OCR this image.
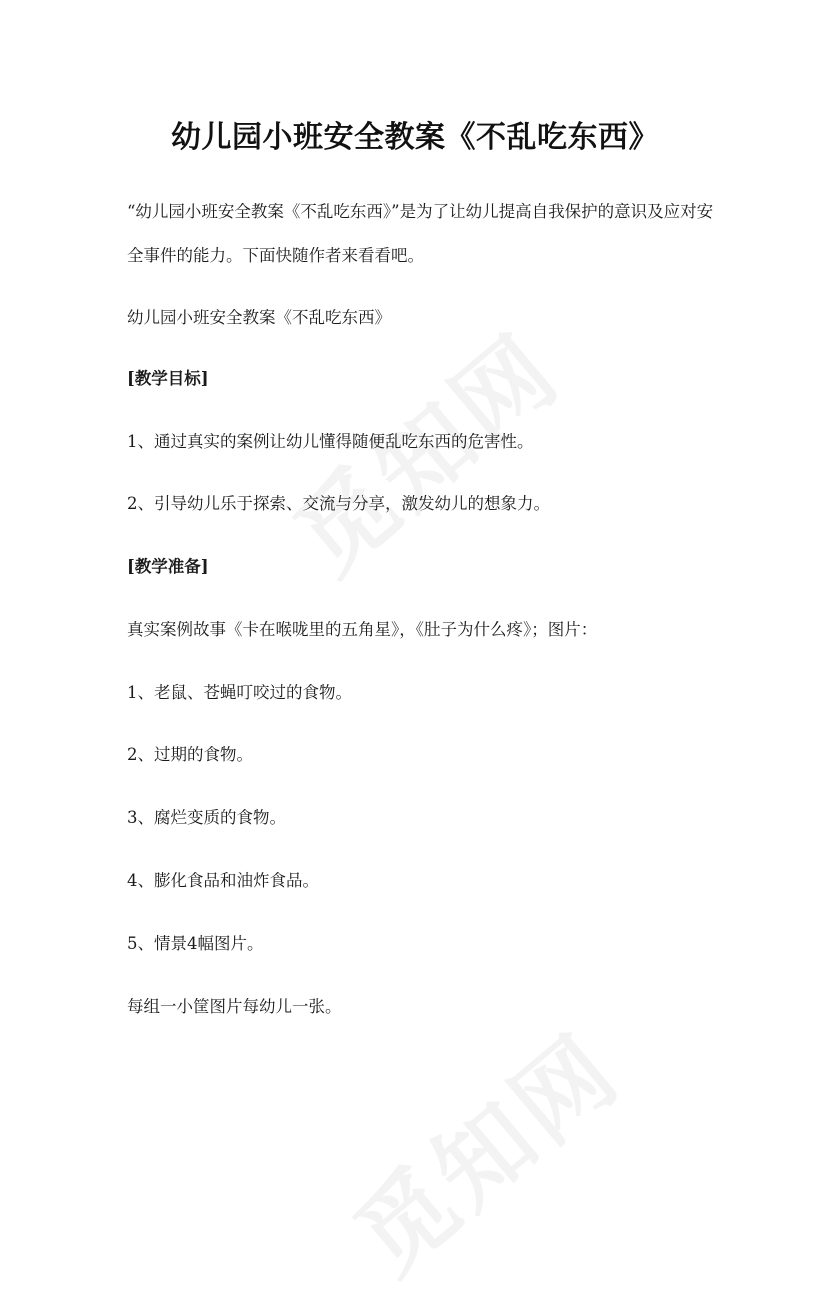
幼儿园小班安全教案《不乱吃东西》

“幼儿园小班安全教案《不乱吃东西》”是为了让幼儿提高自我保护的意识及应对安全事件的能力。下面快随作者来看看吧。

幼儿园小班安全教案《不乱吃东西》

[教学目标]

1、通过真实的案例让幼儿懂得随便乱吃东西的危害性。

2、引导幼儿乐于探索、交流与分享，激发幼儿的想象力。

[教学准备]

真实案例故事《卡在喉咙里的五角星》，《肚子为什么疼》；图片：

1、老鼠、苍蝇叮咬过的食物。

2、过期的食物。

3、腐烂变质的食物。

4、膨化食品和油炸食品。

5、情景4幅图片。

每组一小筐图片每幼儿一张。
